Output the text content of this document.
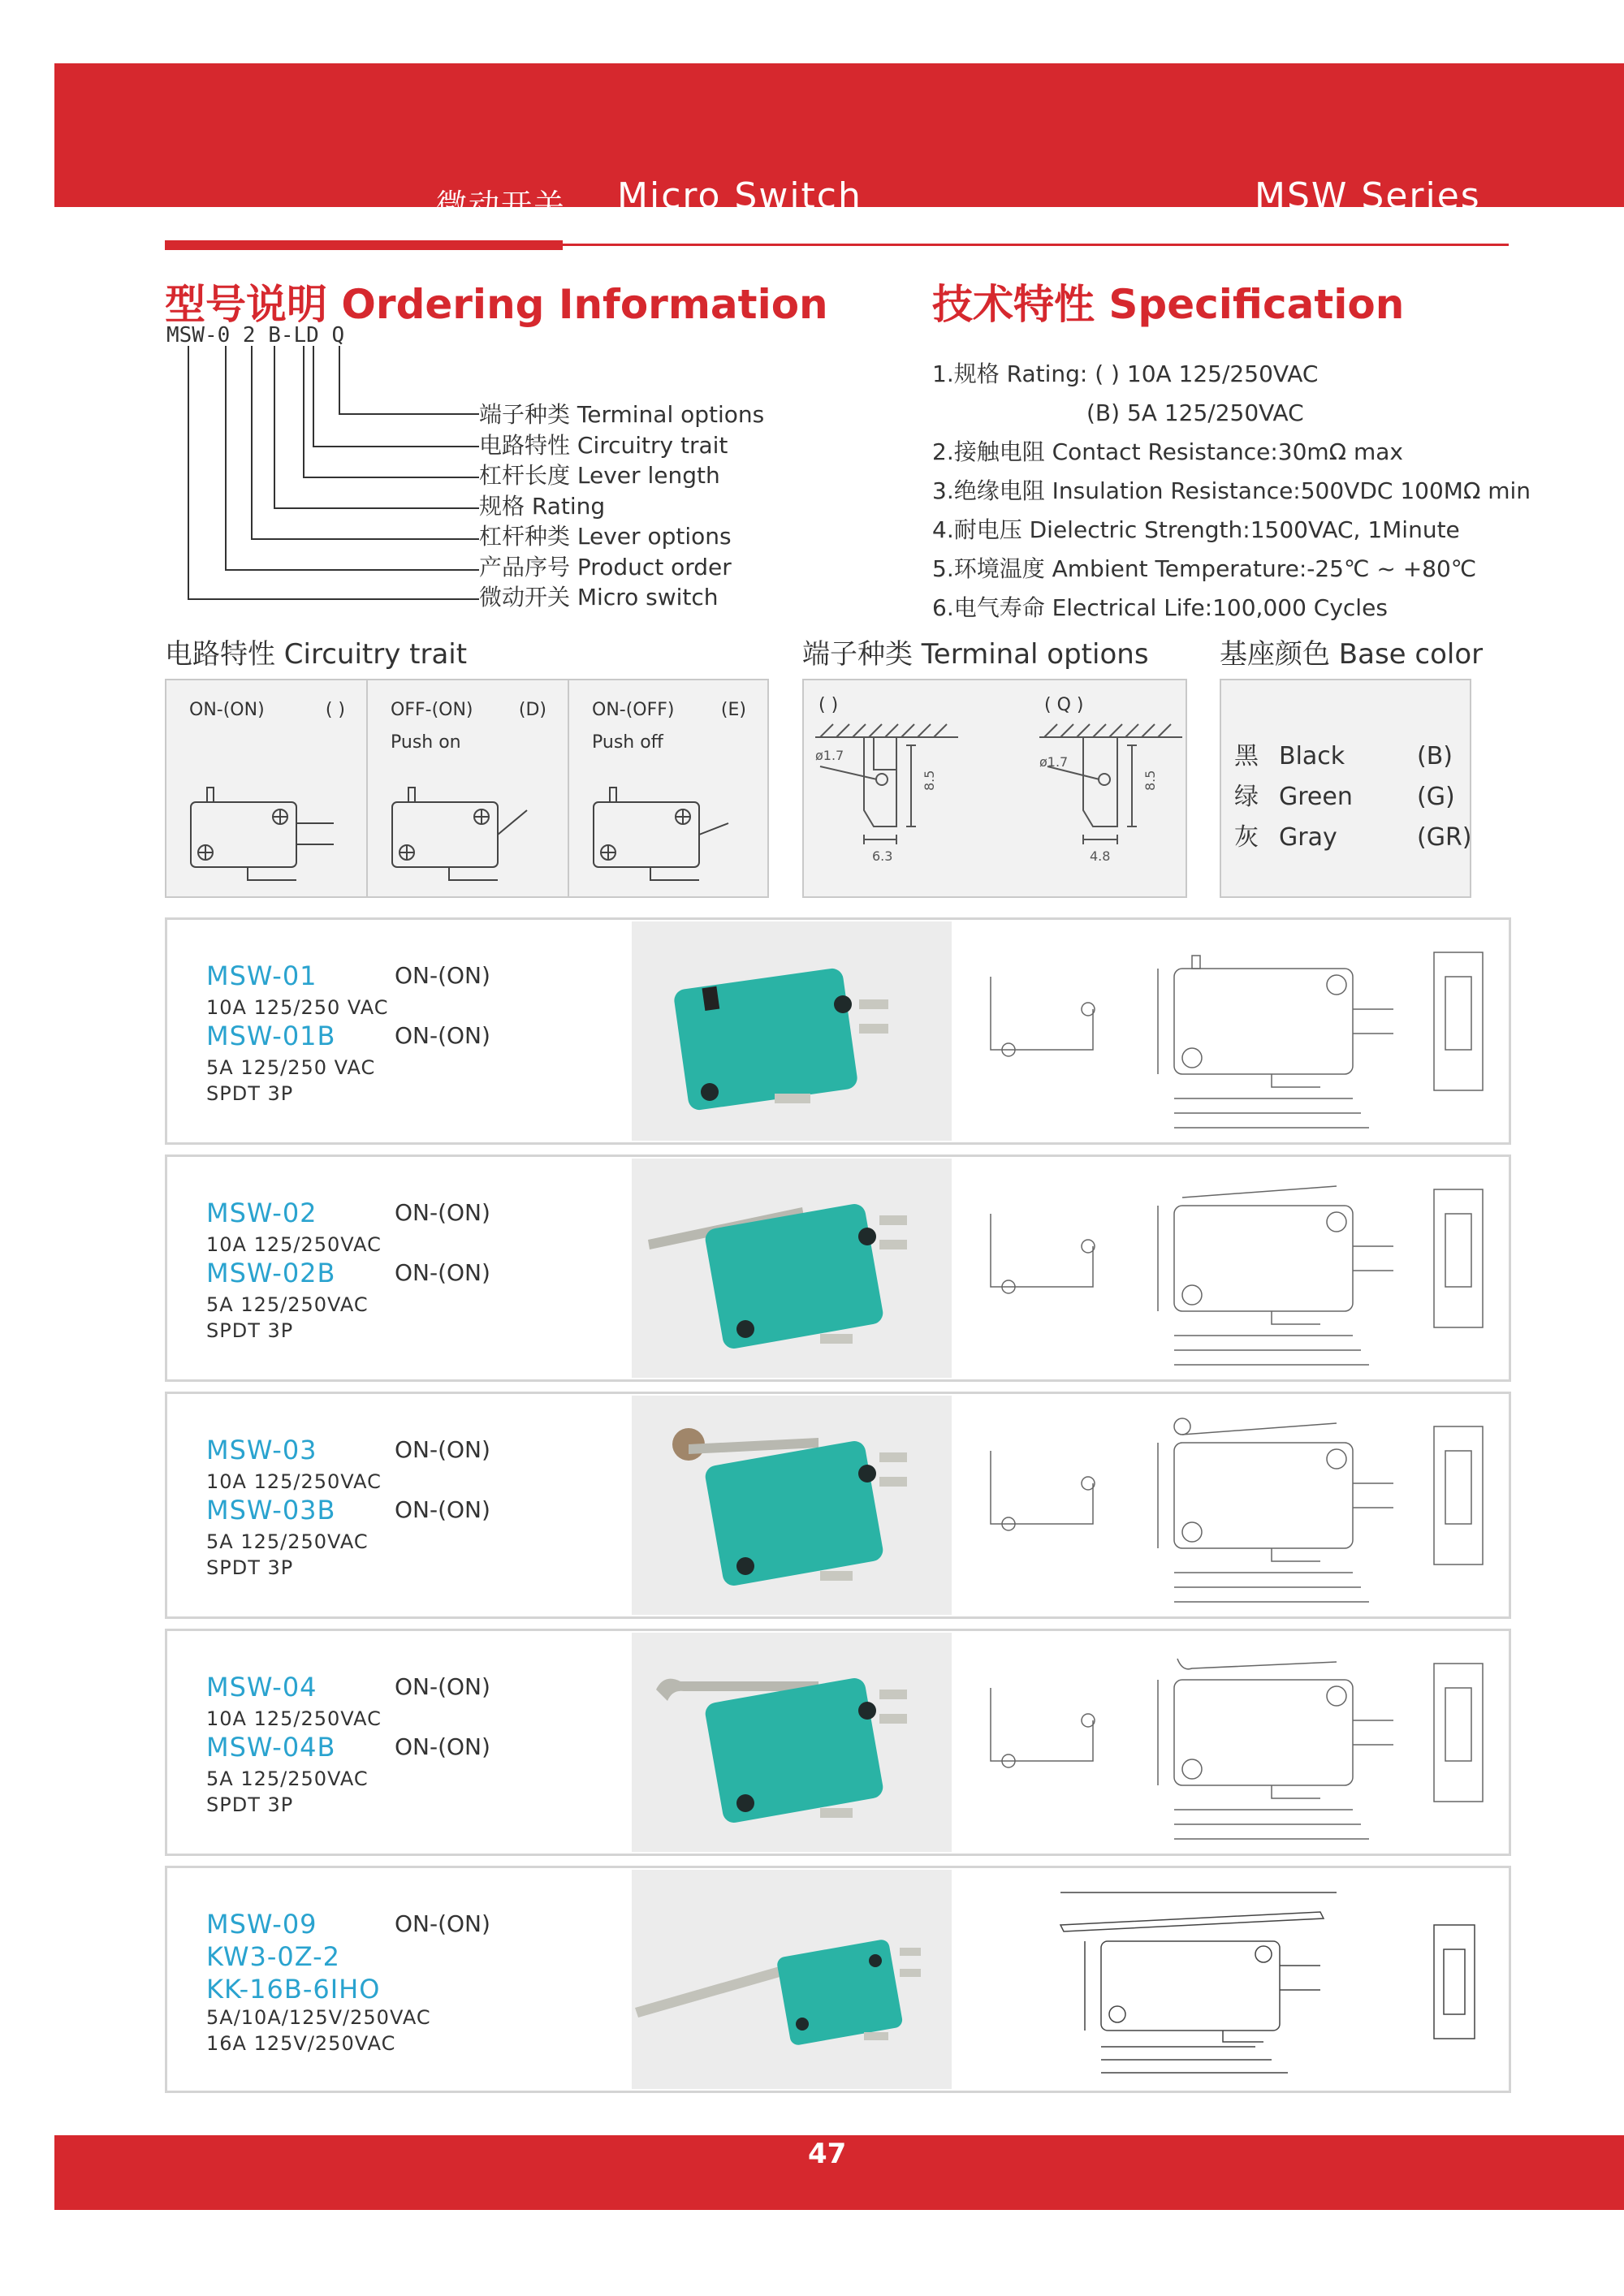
微动开关 Micro Switch	MSW Series
型号说明 Ordering Information
MSW-0 2 B-LD Q
端子种类 Terminal options
电路特性 Circuitry trait
杠杆长度 Lever length
规格 Rating
杠杆种类 Lever options
产品序号 Product order
微动开关 Micro switch
技术特性 Specification
1.规格 Rating: ( ) 10A 125/250VAC
(B) 5A 125/250VAC
2.接触电阻 Contact Resistance:30mΩ max
3.绝缘电阻 Insulation Resistance:500VDC 100MΩ min
4.耐电压 Dielectric Strength:1500VAC, 1Minute
5.环境温度 Ambient Temperature:-25℃ ~ +80℃
6.电气寿命 Electrical Life:100,000 Cycles
电路特性 Circuitry trait	端子种类 Terminal options	基座颜色 Base color
ON-(ON)	( )	OFF-(ON)	(D)
Push on
ON-(OFF)	(E)
Push off
( )	( Q )
ø1.7	ø1.7
6.3	4.8
8.5	8.5
黑 Black	(B)
绿 Green	(G)
灰 Gray	(GR)
MSW-01	ON-(ON)
10A 125/250 VAC
MSW-01B	ON-(ON)
5A 125/250 VAC
SPDT 3P
MSW-02	ON-(ON)
10A 125/250VAC
MSW-02B	ON-(ON)
5A 125/250VAC
SPDT 3P
MSW-03	ON-(ON)
10A 125/250VAC
MSW-03B	ON-(ON)
5A 125/250VAC
SPDT 3P
MSW-04	ON-(ON)
10A 125/250VAC
MSW-04B	ON-(ON)
5A 125/250VAC
SPDT 3P
MSW-09	ON-(ON)
KW3-0Z-2
KK-16B-6IHO
5A/10A/125V/250VAC
16A 125V/250VAC
47
